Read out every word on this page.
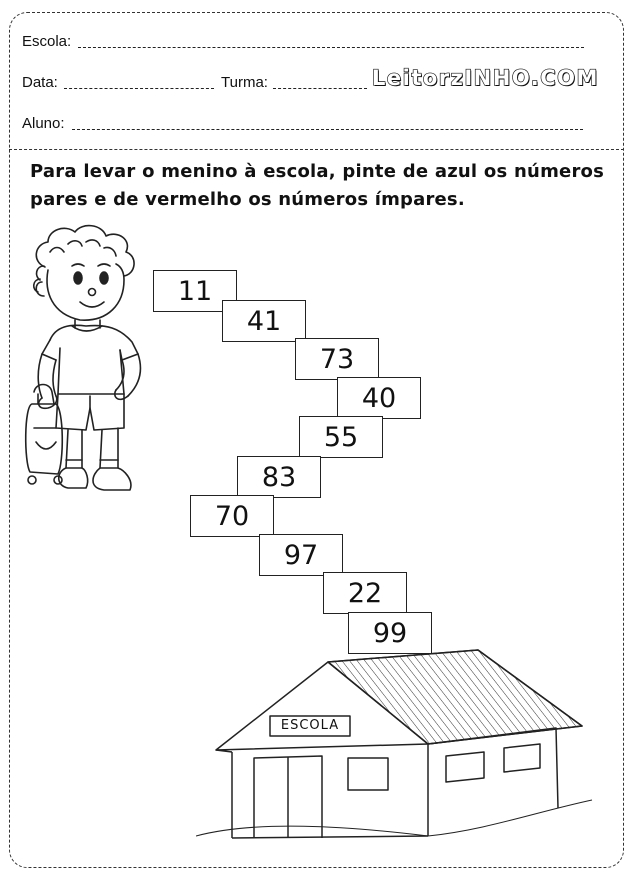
Escola:
Data:	Turma:	LeitorzINHO.COM
Aluno:
Para levar o menino à escola, pinte de azul os números pares e de vermelho os números ímpares.
11
41
73
40
55
83
70
97
22
99
ESCOLA
